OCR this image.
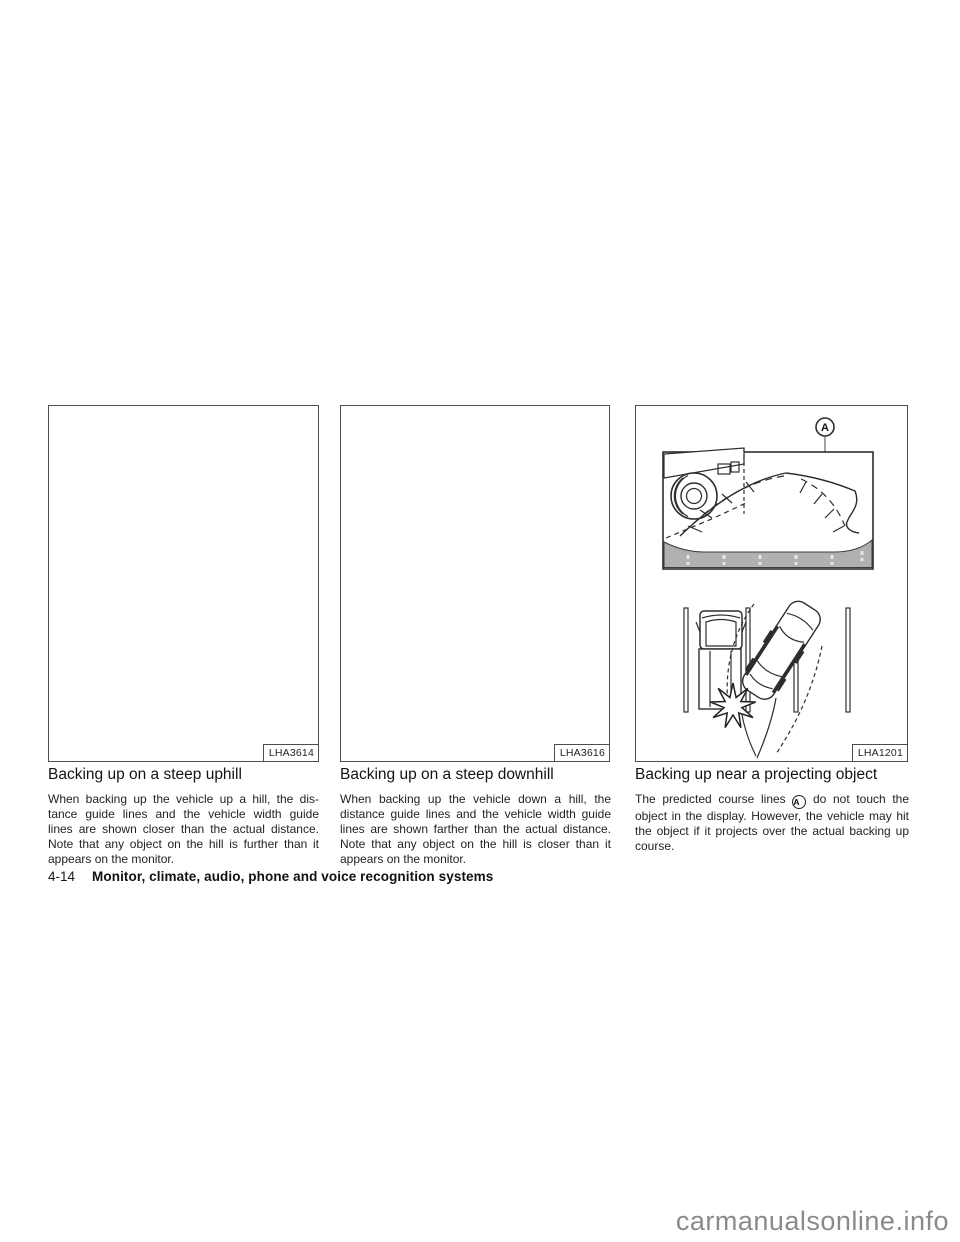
LHA3614	LHA3616
A
LHA1201
Backing up on a steep uphill	Backing up on a steep downhill	Backing up near a projecting object
When backing up the vehicle up a hill, the dis-
tance guide lines and the vehicle width guide
lines are shown closer than the actual distance.
Note that any object on the hill is further than it
appears on the monitor.
When backing up the vehicle down a hill, the
distance guide lines and the vehicle width guide
lines are shown farther than the actual distance.
Note that any object on the hill is closer than it
appears on the monitor.
The predicted course lines A do not touch the
object in the display. However, the vehicle may hit
the object if it projects over the actual backing up
course.
4-14 Monitor, climate, audio, phone and voice recognition systems
carmanualsonline.info
